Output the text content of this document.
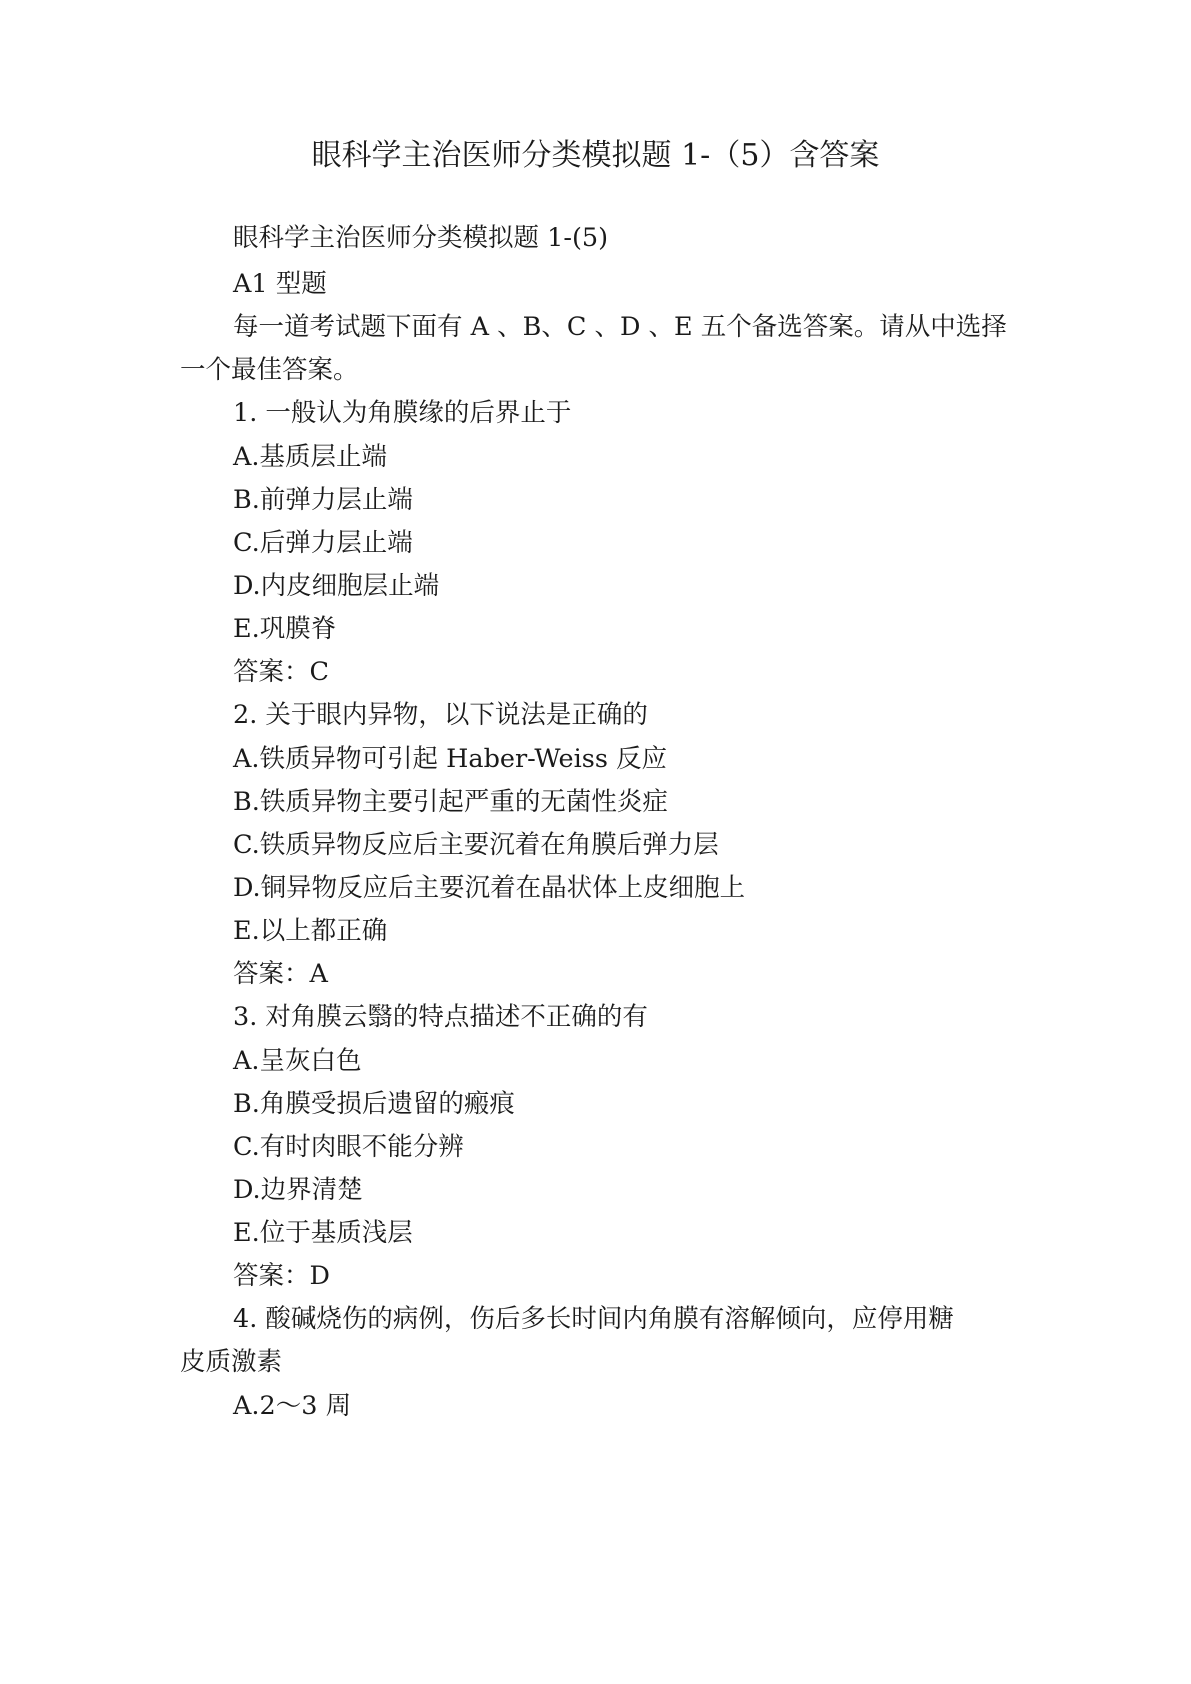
眼科学主治医师分类模拟题 1-（5）含答案
眼科学主治医师分类模拟题 1-(5)
A1 型题
每一道考试题下面有 A 、B、C 、D 、E 五个备选答案。请从中选择
一个最佳答案。
1. 一般认为角膜缘的后界止于
A.基质层止端
B.前弹力层止端
C.后弹力层止端
D.内皮细胞层止端
E.巩膜脊
答案：C
2. 关于眼内异物，以下说法是正确的
A.铁质异物可引起 Haber-Weiss 反应
B.铁质异物主要引起严重的无菌性炎症
C.铁质异物反应后主要沉着在角膜后弹力层
D.铜异物反应后主要沉着在晶状体上皮细胞上
E.以上都正确
答案：A
3. 对角膜云翳的特点描述不正确的有
A.呈灰白色
B.角膜受损后遗留的瘢痕
C.有时肉眼不能分辨
D.边界清楚
E.位于基质浅层
答案：D
4. 酸碱烧伤的病例，伤后多长时间内角膜有溶解倾向，应停用糖
皮质激素
A.2～3 周
